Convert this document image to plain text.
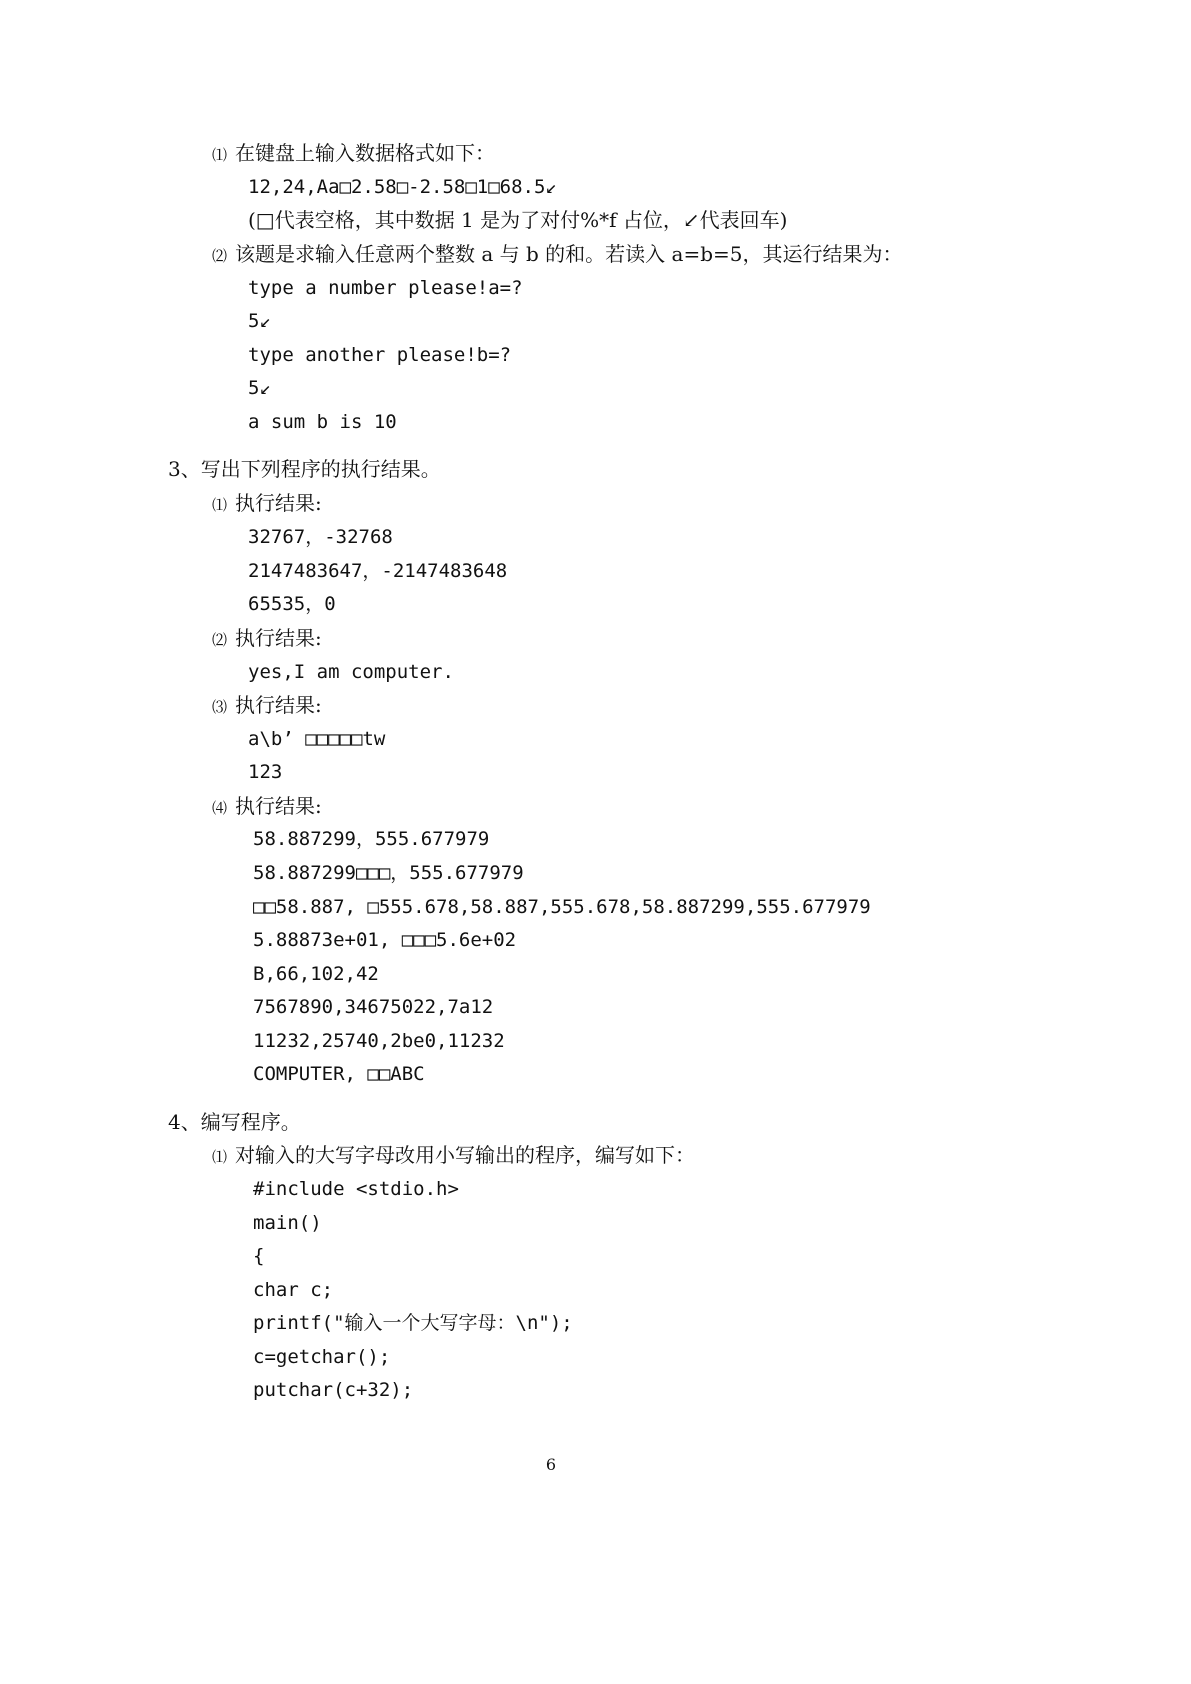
⑴ 在键盘上输入数据格式如下：
12,24,Aa□2.58□-2.58□1□68.5↙
(□代表空格，其中数据 1 是为了对付%*f 占位，↙代表回车)
⑵ 该题是求输入任意两个整数 a 与 b 的和。若读入 a=b=5，其运行结果为：
type a number please!a=?
5↙
type another please!b=?
5↙
a sum b is 10
3、写出下列程序的执行结果。
⑴ 执行结果:
32767，-32768
2147483647，-2147483648
65535，0
⑵ 执行结果:
yes,I am computer.
⑶ 执行结果:
a\b’ □□□□□tw
123
⑷ 执行结果:
58.887299，555.677979
58.887299□□□，555.677979
□□58.887, □555.678,58.887,555.678,58.887299,555.677979
5.88873e+01, □□□5.6e+02
B,66,102,42
7567890,34675022,7a12
11232,25740,2be0,11232
COMPUTER, □□ABC
4、编写程序。
⑴ 对输入的大写字母改用小写输出的程序，编写如下：
#include <stdio.h>
main()
{
char c;
printf("输入一个大写字母：\n");
c=getchar();
putchar(c+32);
6
